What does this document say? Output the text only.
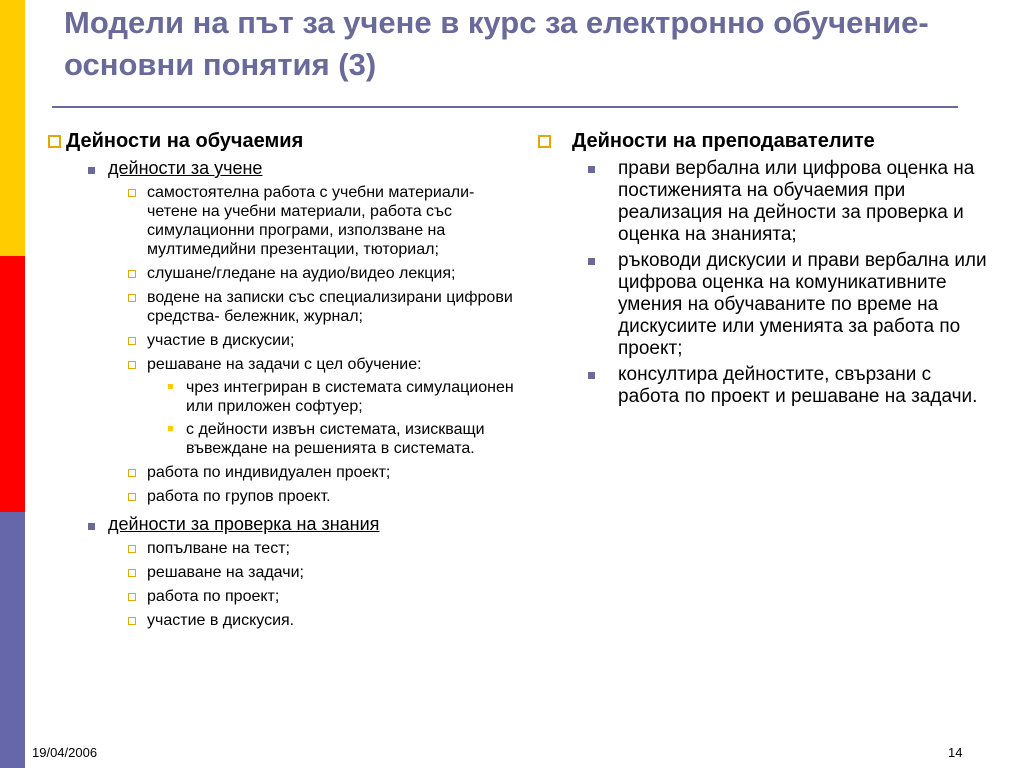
Модели на път за учене в курс за електронно обучение- основни понятия (3)
Дейности на обучаемия
дейности за учене
самостоятелна работа с учебни материали- четене на учебни материали, работа със симулационни програми, използване на мултимедийни презентации, тюториал;
слушане/гледане на аудио/видео лекция;
водене на записки със специализирани цифрови средства- бележник, журнал;
участие в дискусии;
решаване на задачи с цел обучение:
чрез интегриран в системата симулационен или приложен софтуер;
с дейности извън системата, изискващи въвеждане на решенията в системата.
работа по индивидуален проект;
работа по групов проект.
дейности за проверка на знания
попълване на тест;
решаване на задачи;
работа по проект;
участие в дискусия.
Дейности на преподавателите
прави вербална или цифрова оценка на постиженията на обучаемия при реализация на дейности за проверка и оценка на знанията;
ръководи дискусии и прави вербална или цифрова оценка на комуникативните умения на обучаваните по време на дискусиите или уменията за работа по проект;
консултира дейностите, свързани с работа по проект и решаване на задачи.
19/04/2006	14
